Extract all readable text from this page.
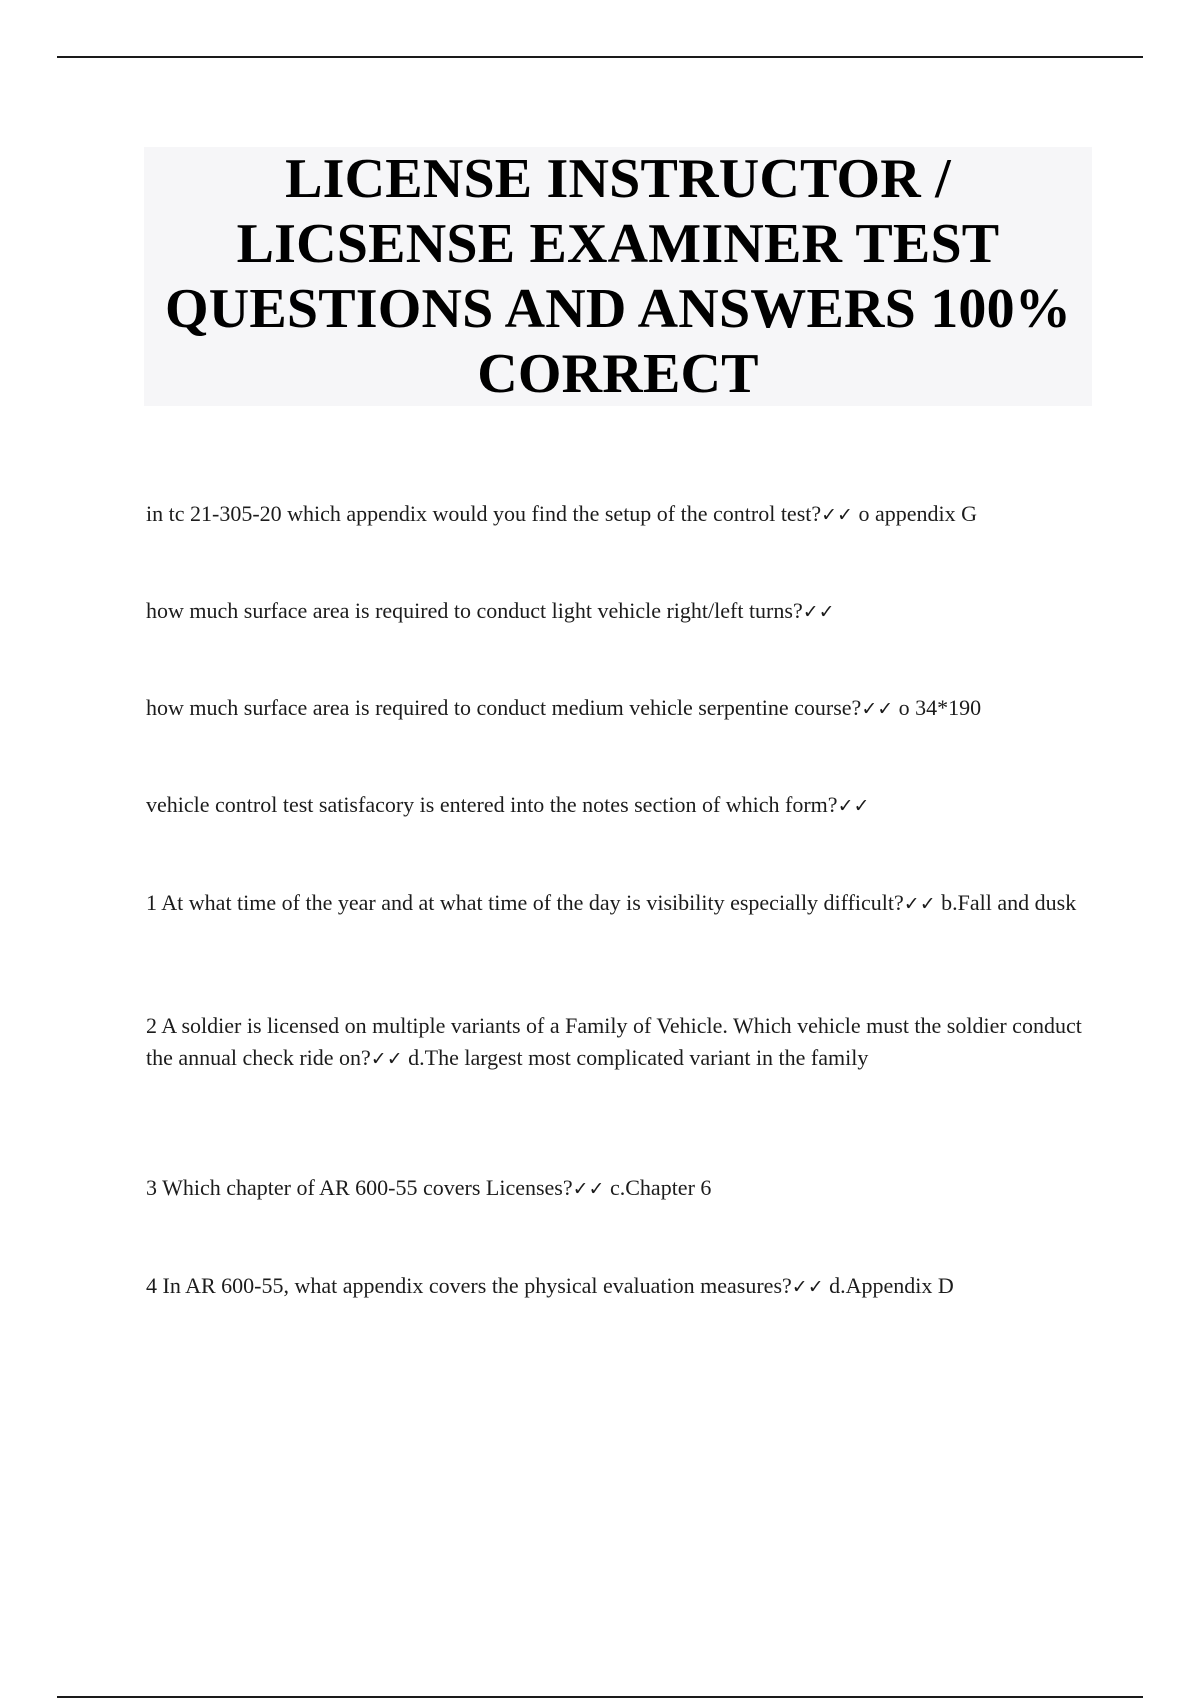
LICENSE INSTRUCTOR /
LICSENSE EXAMINER TEST
QUESTIONS AND ANSWERS 100%
CORRECT

in tc 21-305-20 which appendix would you find the setup of the control test?✓✓ o appendix G

how much surface area is required to conduct light vehicle right/left turns?✓✓

how much surface area is required to conduct medium vehicle serpentine course?✓✓ o 34*190

vehicle control test satisfacory is entered into the notes section of which form?✓✓

1 At what time of the year and at what time of the day is visibility especially difficult?✓✓ b.Fall and dusk

2 A soldier is licensed on multiple variants of a Family of Vehicle. Which vehicle must the soldier conduct the annual check ride on?✓✓ d.The largest most complicated variant in the family

3 Which chapter of AR 600-55 covers Licenses?✓✓ c.Chapter 6

4 In AR 600-55, what appendix covers the physical evaluation measures?✓✓ d.Appendix D
